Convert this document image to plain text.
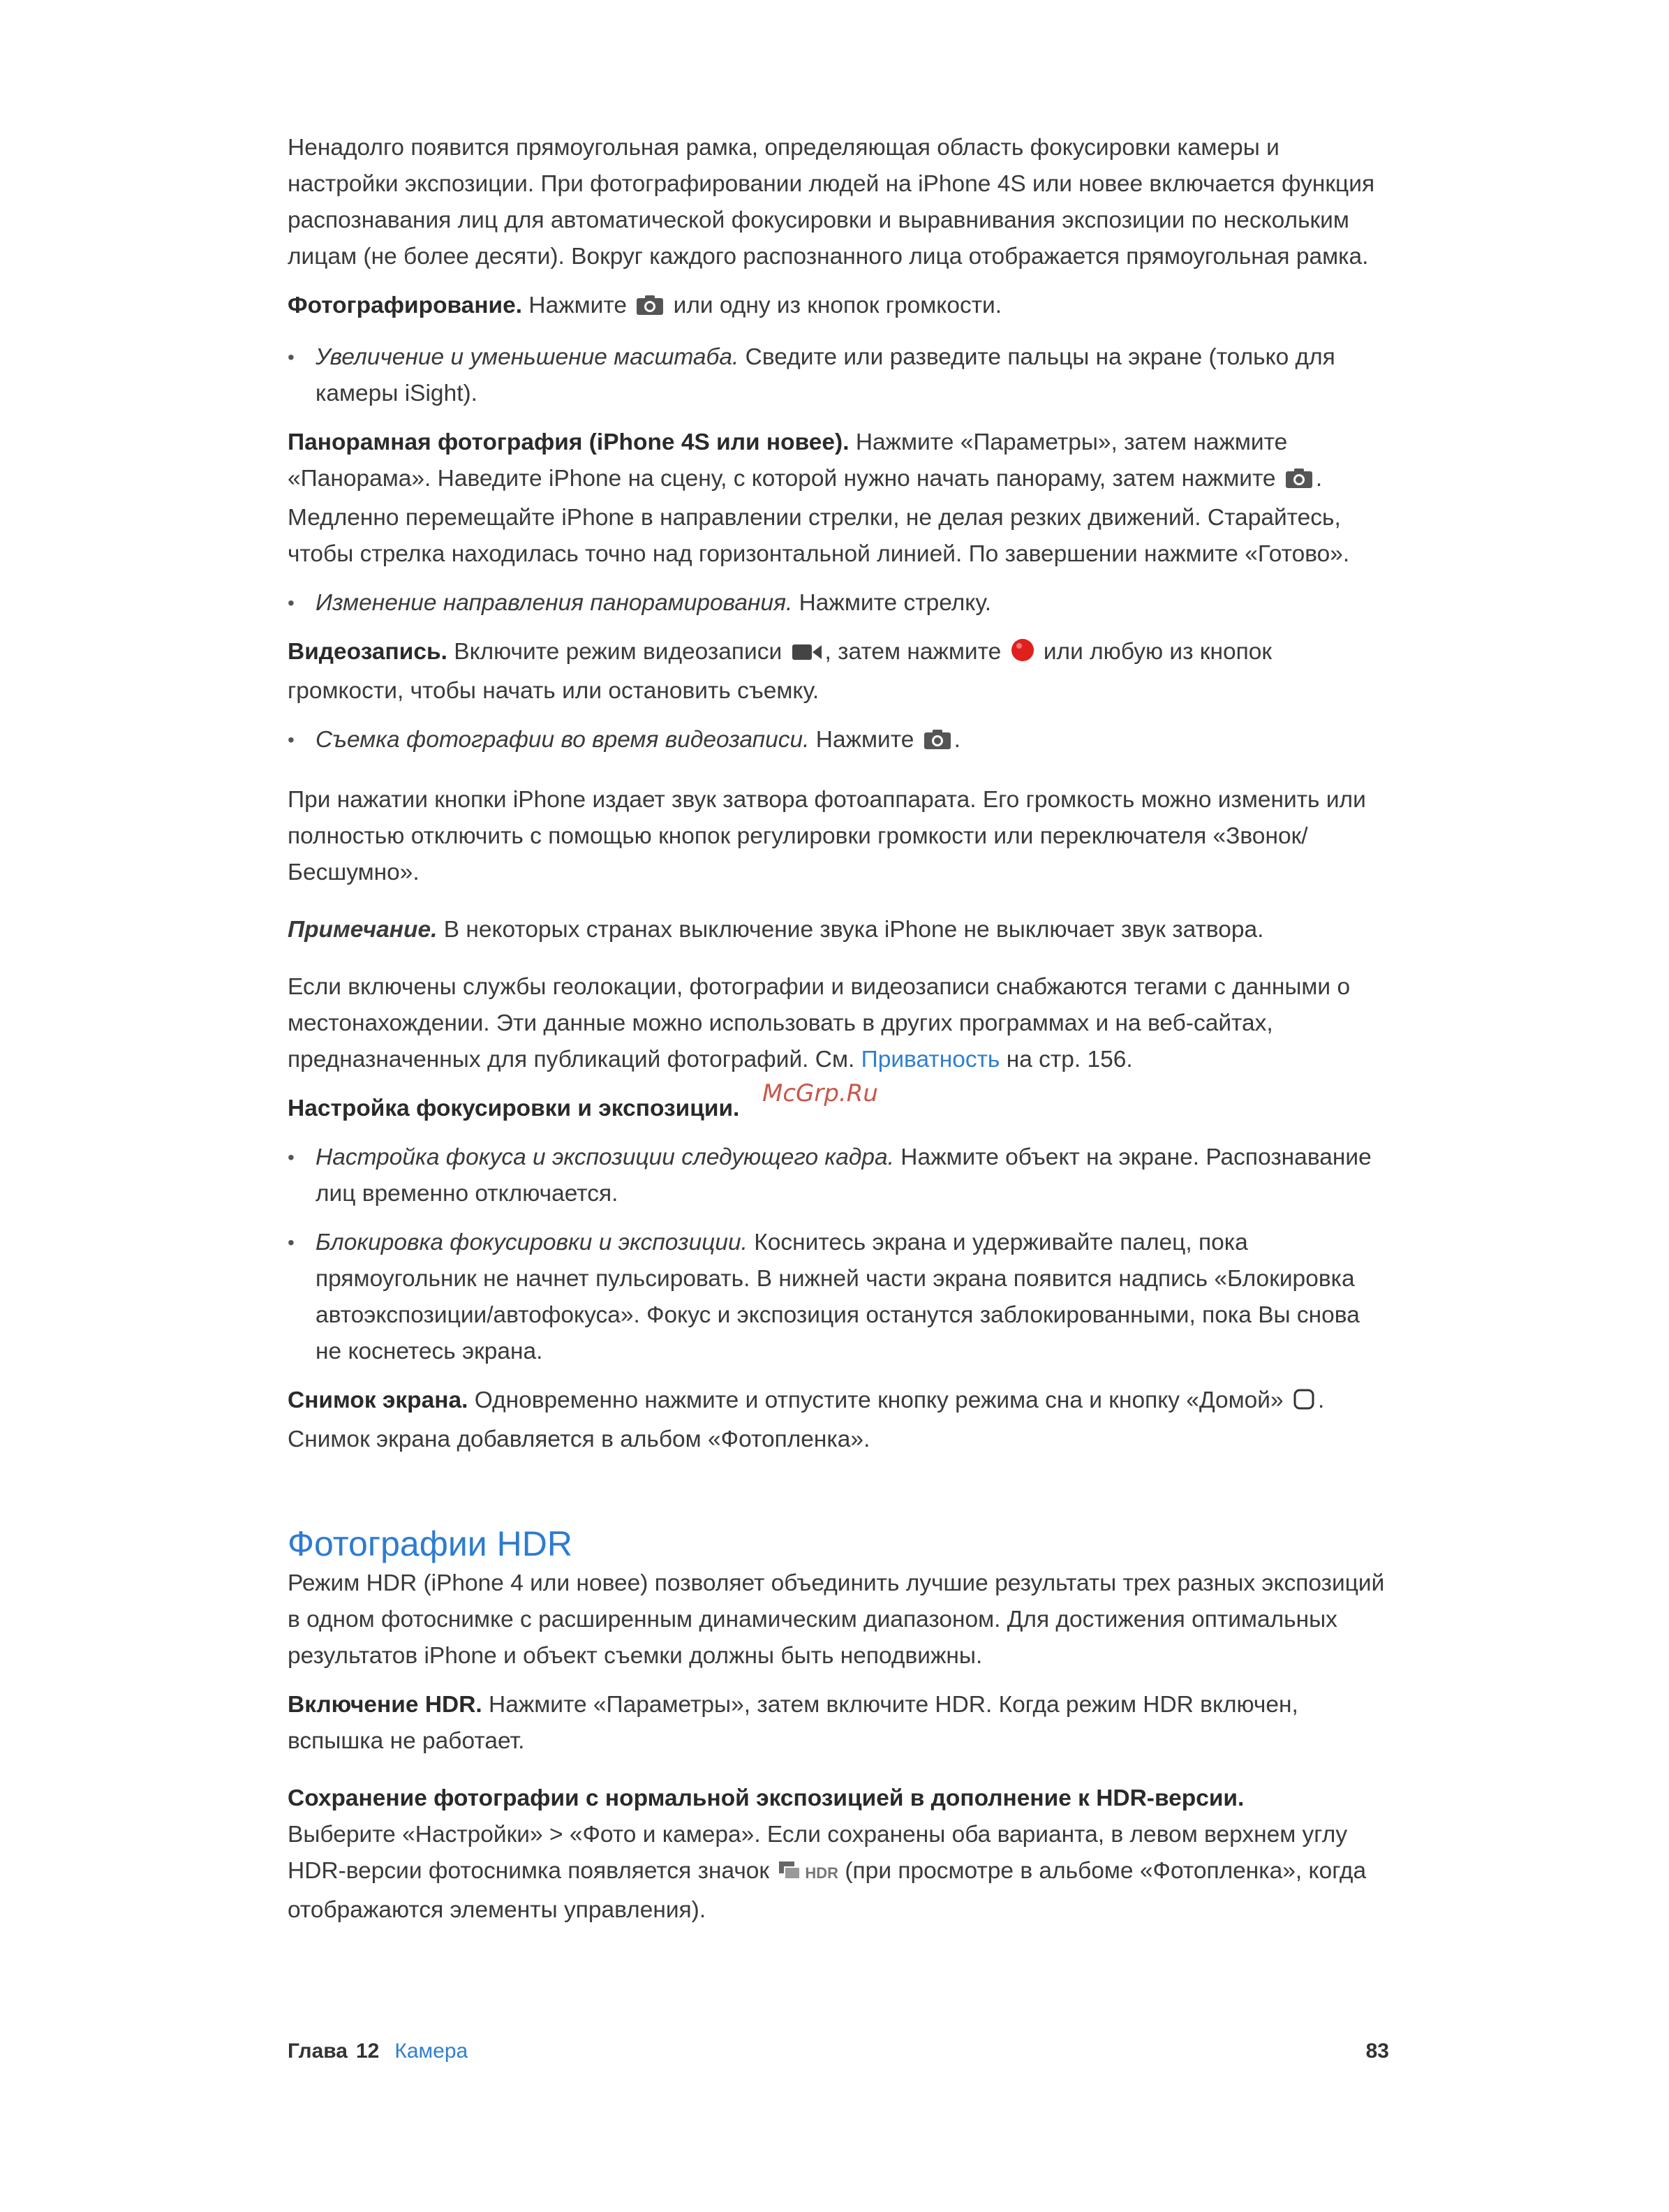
Ненадолго появится прямоугольная рамка, определяющая область фокусировки камеры и настройки экспозиции. При фотографировании людей на iPhone 4S или новее включается функция распознавания лиц для автоматической фокусировки и выравнивания экспозиции по нескольким лицам (не более десяти). Вокруг каждого распознанного лица отображается прямоугольная рамка.

Фотографирование. Нажмите или одну из кнопок громкости.

• Увеличение и уменьшение масштаба. Сведите или разведите пальцы на экране (только для камеры iSight).

Панорамная фотография (iPhone 4S или новее). Нажмите «Параметры», затем нажмите «Панорама». Наведите iPhone на сцену, с которой нужно начать панораму, затем нажмите . Медленно перемещайте iPhone в направлении стрелки, не делая резких движений. Старайтесь, чтобы стрелка находилась точно над горизонтальной линией. По завершении нажмите «Готово».

• Изменение направления панорамирования. Нажмите стрелку.

Видеозапись. Включите режим видеозаписи , затем нажмите или любую из кнопок громкости, чтобы начать или остановить съемку.

• Съемка фотографии во время видеозаписи. Нажмите .

При нажатии кнопки iPhone издает звук затвора фотоаппарата. Его громкость можно изменить или полностью отключить с помощью кнопок регулировки громкости или переключателя «Звонок/Бесшумно».

Примечание. В некоторых странах выключение звука iPhone не выключает звук затвора.

Если включены службы геолокации, фотографии и видеозаписи снабжаются тегами с данными о местонахождении. Эти данные можно использовать в других программах и на веб-сайтах, предназначенных для публикаций фотографий. См. Приватность на стр. 156.

Настройка фокусировки и экспозиции.

• Настройка фокуса и экспозиции следующего кадра. Нажмите объект на экране. Распознавание лиц временно отключается.

• Блокировка фокусировки и экспозиции. Коснитесь экрана и удерживайте палец, пока прямоугольник не начнет пульсировать. В нижней части экрана появится надпись «Блокировка автоэкспозиции/автофокуса». Фокус и экспозиция останутся заблокированными, пока Вы снова не коснетесь экрана.

Снимок экрана. Одновременно нажмите и отпустите кнопку режима сна и кнопку «Домой» . Снимок экрана добавляется в альбом «Фотопленка».

Фотографии HDR

Режим HDR (iPhone 4 или новее) позволяет объединить лучшие результаты трех разных экспозиций в одном фотоснимке с расширенным динамическим диапазоном. Для достижения оптимальных результатов iPhone и объект съемки должны быть неподвижны.

Включение HDR. Нажмите «Параметры», затем включите HDR. Когда режим HDR включен, вспышка не работает.

Сохранение фотографии с нормальной экспозицией в дополнение к HDR-версии.
Выберите «Настройки» > «Фото и камера». Если сохранены оба варианта, в левом верхнем углу HDR-версии фотоснимка появляется значок HDR (при просмотре в альбоме «Фотопленка», когда отображаются элементы управления).

McGrp.Ru
Глава 12 Камера	83
